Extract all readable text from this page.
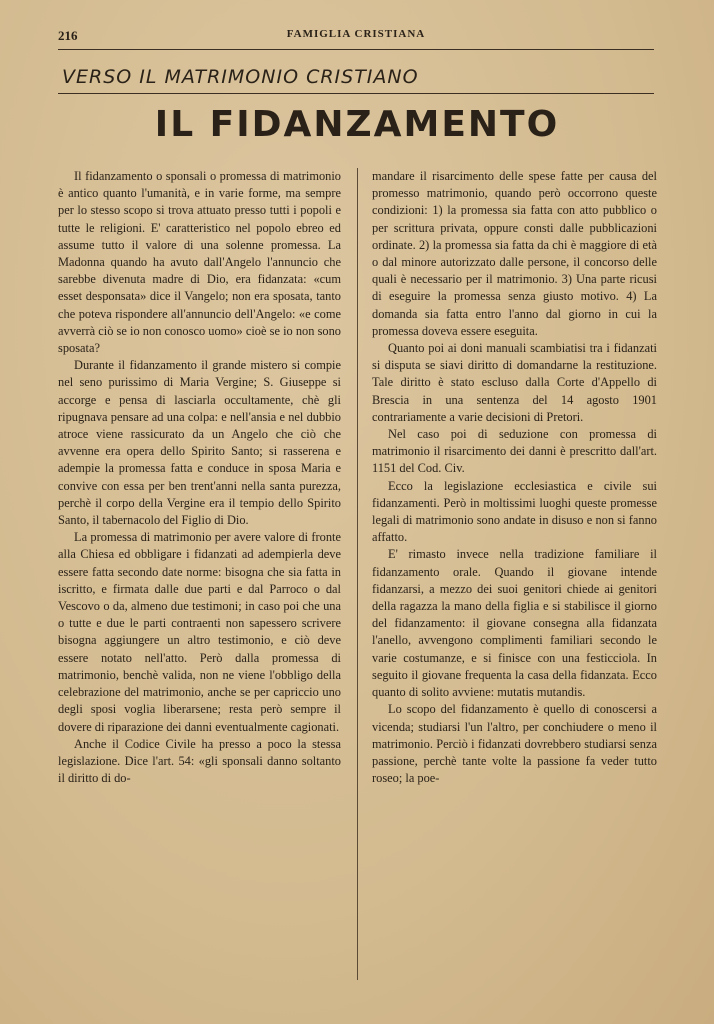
216	FAMIGLIA CRISTIANA
VERSO IL MATRIMONIO CRISTIANO
IL FIDANZAMENTO

Il fidanzamento o sponsali o promessa di matrimonio è antico quanto l'umanità, e in varie forme, ma sempre per lo stesso scopo si trova attuato presso tutti i popoli e tutte le religioni. E' caratteristico nel popolo ebreo ed assume tutto il valore di una solenne promessa. La Madonna quando ha avuto dall'Angelo l'annuncio che sarebbe divenuta madre di Dio, era fidanzata: «cum esset desponsata» dice il Vangelo; non era sposata, tanto che poteva rispondere all'annuncio dell'Angelo: «e come avverrà ciò se io non conosco uomo» cioè se io non sono sposata?

Durante il fidanzamento il grande mistero si compie nel seno purissimo di Maria Vergine; S. Giuseppe si accorge e pensa di lasciarla occultamente, chè gli ripugnava pensare ad una colpa: e nell'ansia e nel dubbio atroce viene rassicurato da un Angelo che ciò che avvenne era opera dello Spirito Santo; si rasserena e adempie la promessa fatta e conduce in sposa Maria e convive con essa per ben trent'anni nella santa purezza, perchè il corpo della Vergine era il tempio dello Spirito Santo, il tabernacolo del Figlio di Dio.

La promessa di matrimonio per avere valore di fronte alla Chiesa ed obbligare i fidanzati ad adempierla deve essere fatta secondo date norme: bisogna che sia fatta in iscritto, e firmata dalle due parti e dal Parroco o dal Vescovo o da, almeno due testimoni; in caso poi che una o tutte e due le parti contraenti non sapessero scrivere bisogna aggiungere un altro testimonio, e ciò deve essere notato nell'atto. Però dalla promessa di matrimonio, benchè valida, non ne viene l'obbligo della celebrazione del matrimonio, anche se per capriccio uno degli sposi voglia liberarsene; resta però sempre il dovere di riparazione dei danni eventualmente cagionati.

Anche il Codice Civile ha presso a poco la stessa legislazione. Dice l'art. 54: «gli sponsali danno soltanto il diritto di do-

mandare il risarcimento delle spese fatte per causa del promesso matrimonio, quando però occorrono queste condizioni: 1) la promessa sia fatta con atto pubblico o per scrittura privata, oppure consti dalle pubblicazioni ordinate. 2) la promessa sia fatta da chi è maggiore di età o dal minore autorizzato dalle persone, il concorso delle quali è necessario per il matrimonio. 3) Una parte ricusi di eseguire la promessa senza giusto motivo. 4) La domanda sia fatta entro l'anno dal giorno in cui la promessa doveva essere eseguita.

Quanto poi ai doni manuali scambiatisi tra i fidanzati si disputa se siavi diritto di domandarne la restituzione. Tale diritto è stato escluso dalla Corte d'Appello di Brescia in una sentenza del 14 agosto 1901 contrariamente a varie decisioni di Pretori.

Nel caso poi di seduzione con promessa di matrimonio il risarcimento dei danni è prescritto dall'art. 1151 del Cod. Civ.

Ecco la legislazione ecclesiastica e civile sui fidanzamenti. Però in moltissimi luoghi queste promesse legali di matrimonio sono andate in disuso e non si fanno affatto.

E' rimasto invece nella tradizione familiare il fidanzamento orale. Quando il giovane intende fidanzarsi, a mezzo dei suoi genitori chiede ai genitori della ragazza la mano della figlia e si stabilisce il giorno del fidanzamento: il giovane consegna alla fidanzata l'anello, avvengono complimenti familiari secondo le varie costumanze, e si finisce con una festicciola. In seguito il giovane frequenta la casa della fidanzata. Ecco quanto di solito avviene: mutatis mutandis.

Lo scopo del fidanzamento è quello di conoscersi a vicenda; studiarsi l'un l'altro, per conchiudere o meno il matrimonio. Perciò i fidanzati dovrebbero studiarsi senza passione, perchè tante volte la passione fa veder tutto roseo; la poe-
